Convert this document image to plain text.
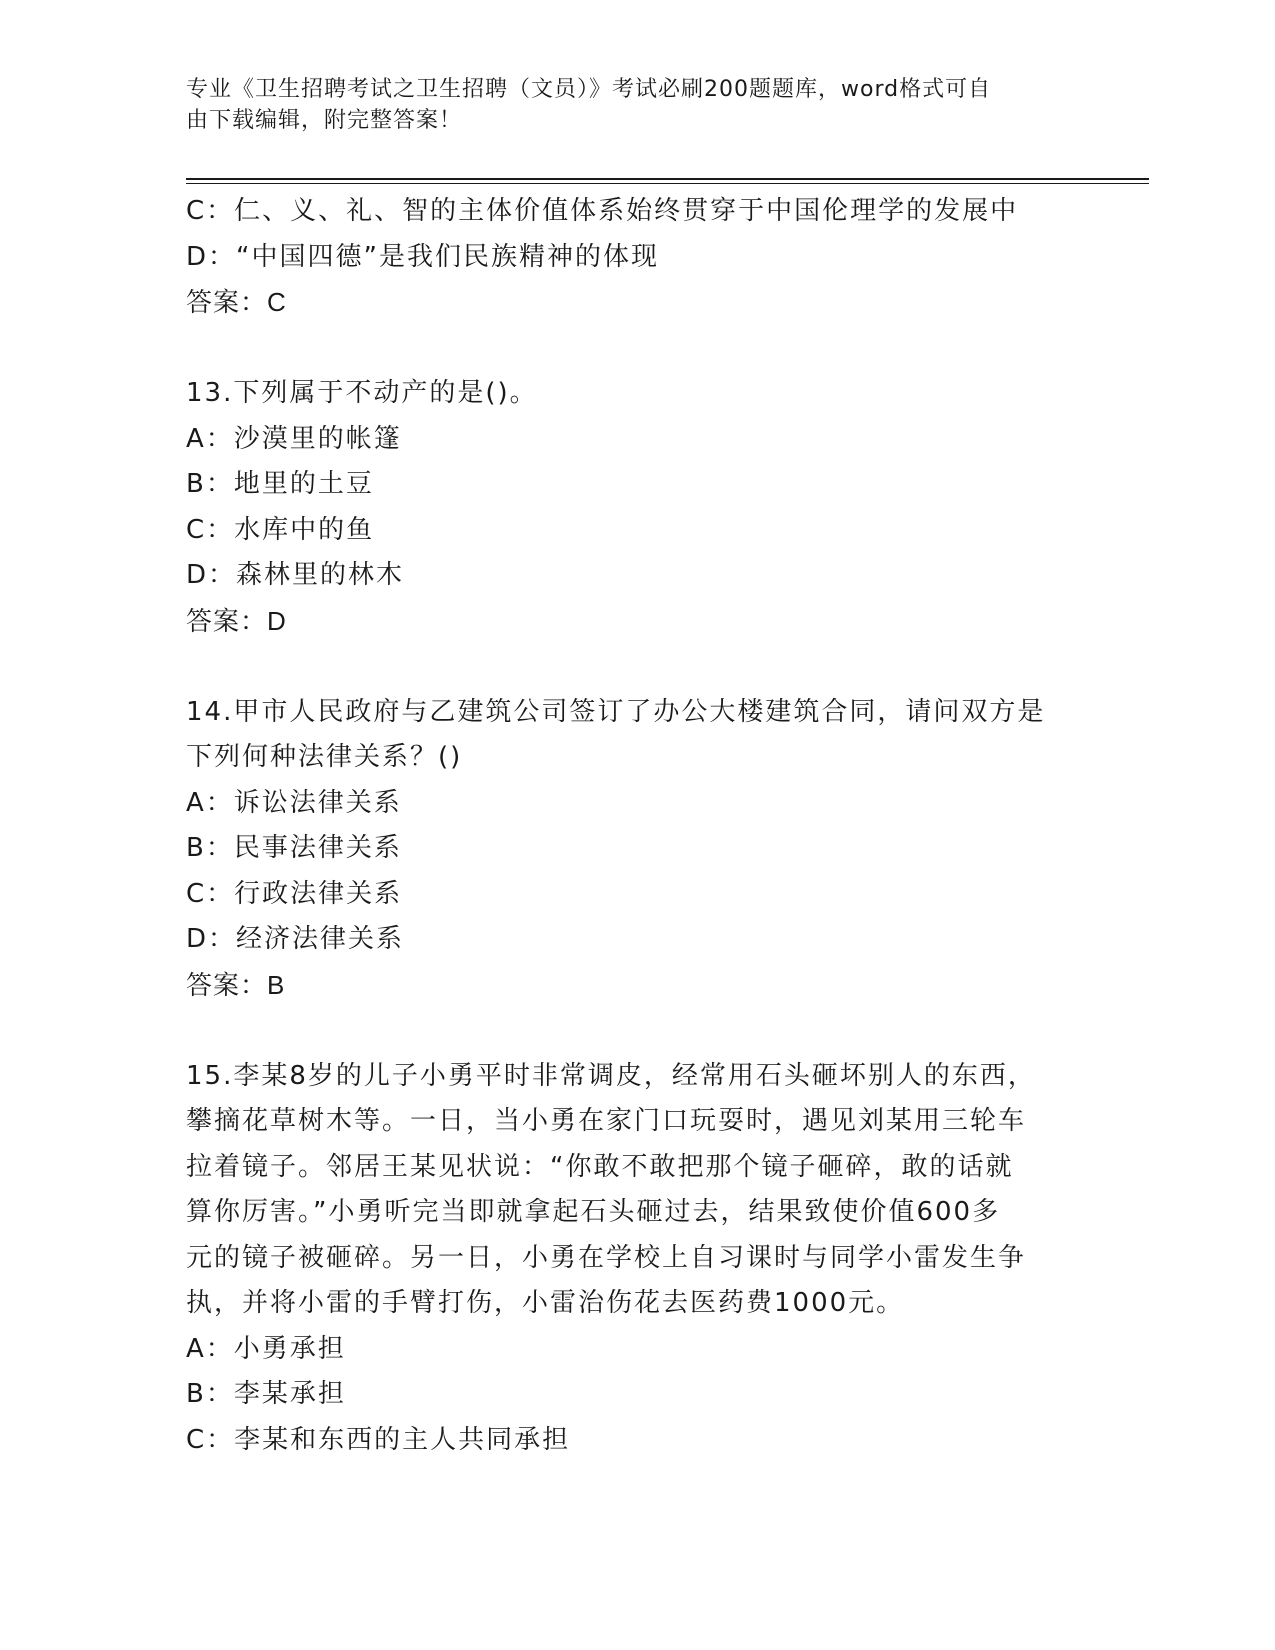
专业《卫生招聘考试之卫生招聘（文员）》考试必刷200题题库，word格式可自
由下载编辑，附完整答案！
C：仁、义、礼、智的主体价值体系始终贯穿于中国伦理学的发展中
D：“中国四德”是我们民族精神的体现
答案：C
13.下列属于不动产的是()。
A：沙漠里的帐篷
B：地里的土豆
C：水库中的鱼
D：森林里的林木
答案：D
14.甲市人民政府与乙建筑公司签订了办公大楼建筑合同，请问双方是
下列何种法律关系？()
A：诉讼法律关系
B：民事法律关系
C：行政法律关系
D：经济法律关系
答案：B
15.李某8岁的儿子小勇平时非常调皮，经常用石头砸坏别人的东西，
攀摘花草树木等。一日，当小勇在家门口玩耍时，遇见刘某用三轮车
拉着镜子。邻居王某见状说：“你敢不敢把那个镜子砸碎，敢的话就
算你厉害。”小勇听完当即就拿起石头砸过去，结果致使价值600多
元的镜子被砸碎。另一日，小勇在学校上自习课时与同学小雷发生争
执，并将小雷的手臂打伤，小雷治伤花去医药费1000元。
A：小勇承担
B：李某承担
C：李某和东西的主人共同承担
